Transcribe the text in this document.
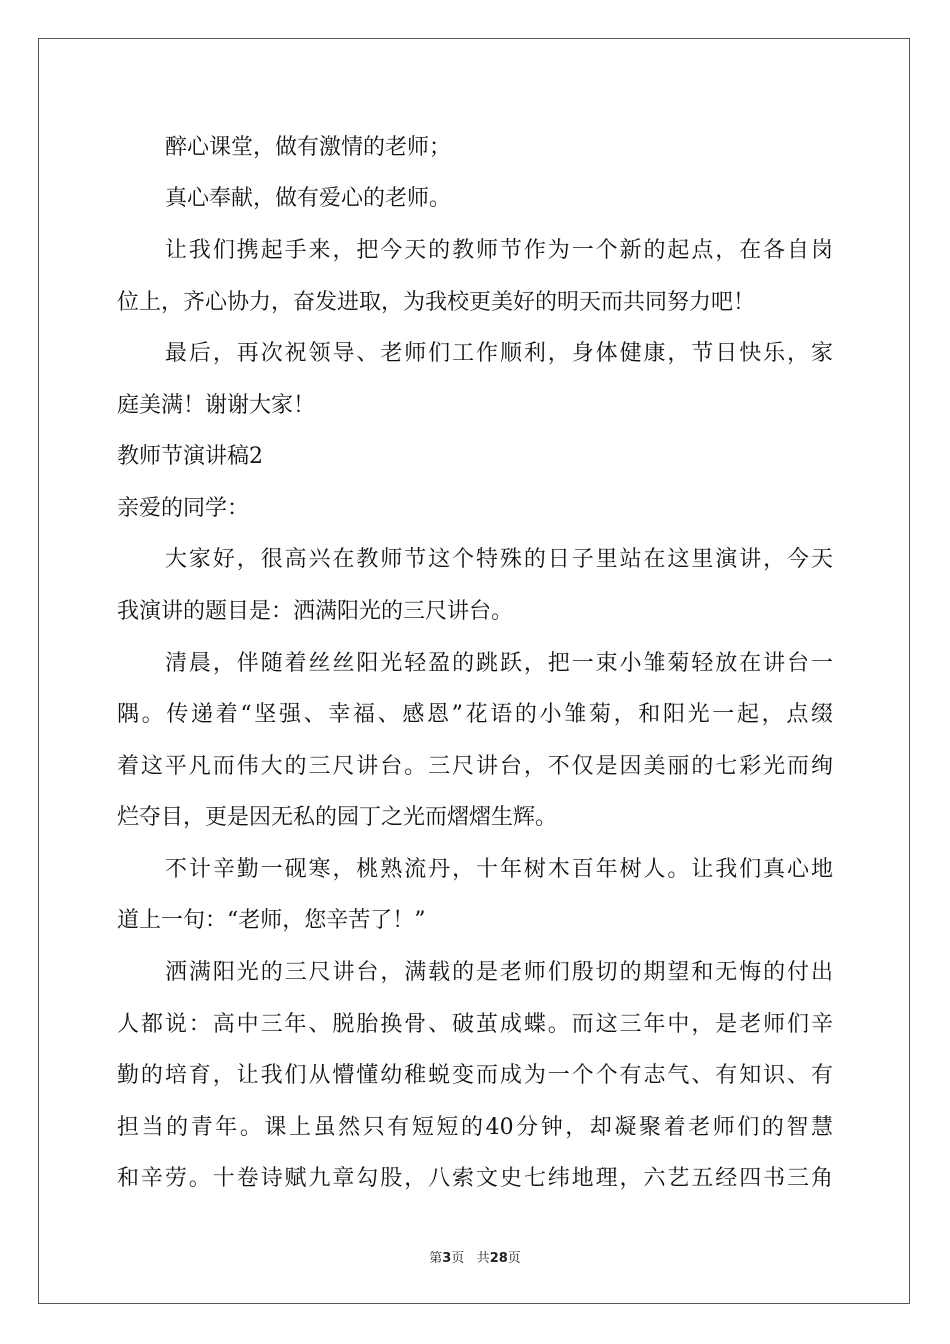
醉心课堂，做有激情的老师；
真心奉献，做有爱心的老师。
让我们携起手来，把今天的教师节作为一个新的起点，在各自岗
位上，齐心协力，奋发进取，为我校更美好的明天而共同努力吧！
最后，再次祝领导、老师们工作顺利，身体健康，节日快乐，家
庭美满！谢谢大家！
教师节演讲稿2
亲爱的同学：
大家好，很高兴在教师节这个特殊的日子里站在这里演讲，今天
我演讲的题目是：洒满阳光的三尺讲台。
清晨，伴随着丝丝阳光轻盈的跳跃，把一束小雏菊轻放在讲台一
隅。传递着“坚强、幸福、感恩”花语的小雏菊，和阳光一起，点缀
着这平凡而伟大的三尺讲台。三尺讲台，不仅是因美丽的七彩光而绚
烂夺目，更是因无私的园丁之光而熠熠生辉。
不计辛勤一砚寒，桃熟流丹，十年树木百年树人。让我们真心地
道上一句：“老师，您辛苦了！”
洒满阳光的三尺讲台，满载的是老师们殷切的期望和无悔的付出
人都说：高中三年、脱胎换骨、破茧成蝶。而这三年中，是老师们辛
勤的培育，让我们从懵懂幼稚蜕变而成为一个个有志气、有知识、有
担当的青年。课上虽然只有短短的40分钟，却凝聚着老师们的智慧
和辛劳。十卷诗赋九章勾股，八索文史七纬地理，六艺五经四书三角
第3页 共28页
